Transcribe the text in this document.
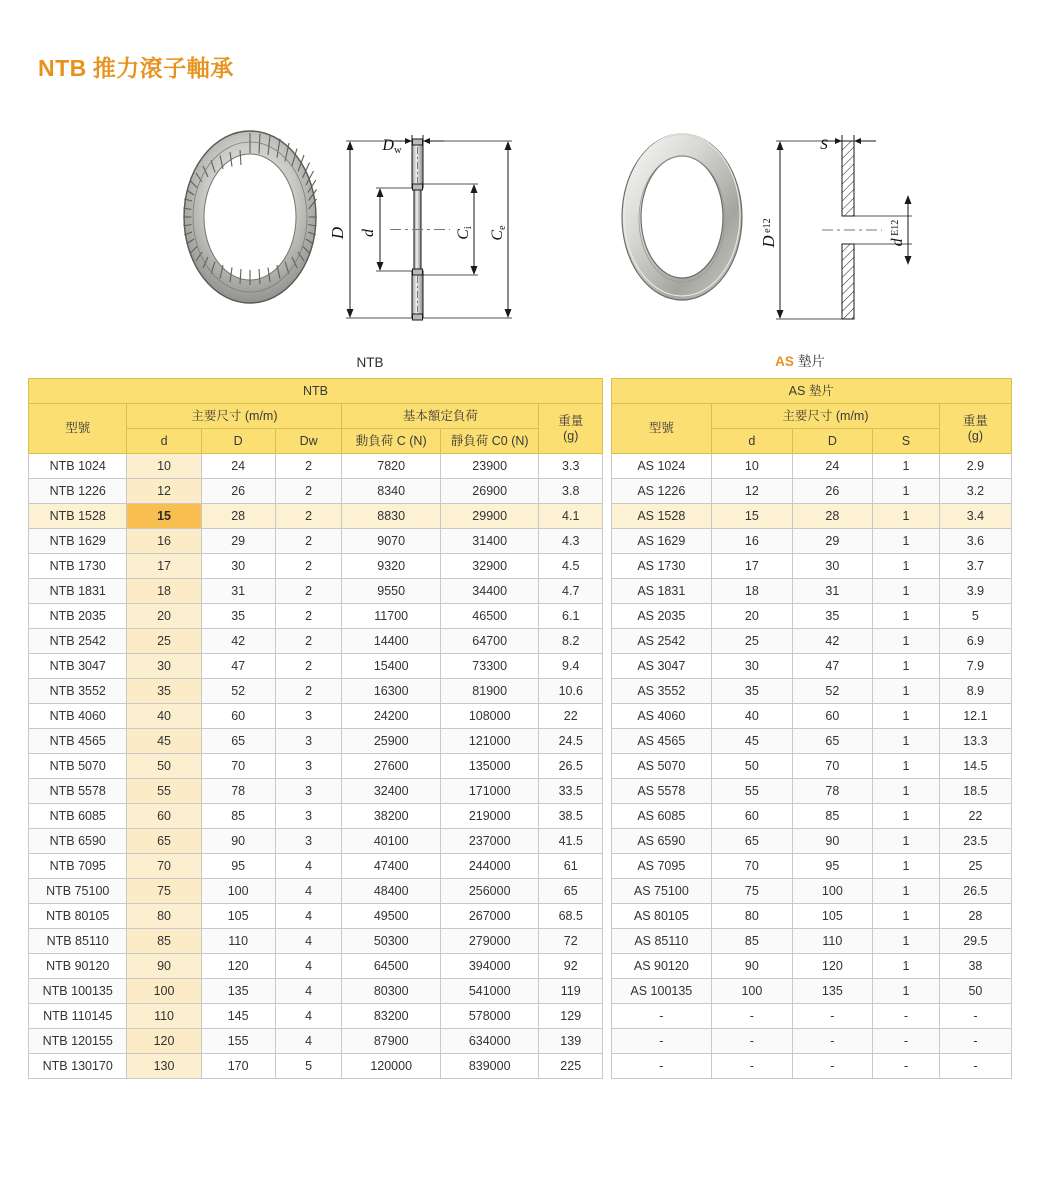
NTB 推力滾子軸承
Dw
D d	Ci
Ce
NTB
S
D $^{e12}$
d $^{E12}$
AS 墊片
NTB								AS 墊片				
型號	主要尺寸 (m/m)	基本額定負荷	重量
(g)
		型號	主要尺寸 (m/m)	重量
(g)

	d	D	Dw	動負荷 C (N)	靜負荷 C0 (N)				d	D	S	
NTB 1024	10	24	2	7820	23900	3.3		AS 1024	10	24	1	2.9
NTB 1226	12	26	2	8340	26900	3.8		AS 1226	12	26	1	3.2
NTB 1528	15	28	2	8830	29900	4.1		AS 1528	15	28	1	3.4
NTB 1629	16	29	2	9070	31400	4.3		AS 1629	16	29	1	3.6
NTB 1730	17	30	2	9320	32900	4.5		AS 1730	17	30	1	3.7
NTB 1831	18	31	2	9550	34400	4.7		AS 1831	18	31	1	3.9
NTB 2035	20	35	2	11700	46500	6.1		AS 2035	20	35	1	5
NTB 2542	25	42	2	14400	64700	8.2		AS 2542	25	42	1	6.9
NTB 3047	30	47	2	15400	73300	9.4		AS 3047	30	47	1	7.9
NTB 3552	35	52	2	16300	81900	10.6		AS 3552	35	52	1	8.9
NTB 4060	40	60	3	24200	108000	22		AS 4060	40	60	1	12.1
NTB 4565	45	65	3	25900	121000	24.5		AS 4565	45	65	1	13.3
NTB 5070	50	70	3	27600	135000	26.5		AS 5070	50	70	1	14.5
NTB 5578	55	78	3	32400	171000	33.5		AS 5578	55	78	1	18.5
NTB 6085	60	85	3	38200	219000	38.5		AS 6085	60	85	1	22
NTB 6590	65	90	3	40100	237000	41.5		AS 6590	65	90	1	23.5
NTB 7095	70	95	4	47400	244000	61		AS 7095	70	95	1	25
NTB 75100	75	100	4	48400	256000	65		AS 75100	75	100	1	26.5
NTB 80105	80	105	4	49500	267000	68.5		AS 80105	80	105	1	28
NTB 85110	85	110	4	50300	279000	72		AS 85110	85	110	1	29.5
NTB 90120	90	120	4	64500	394000	92		AS 90120	90	120	1	38
NTB 100135	100	135	4	80300	541000	119		AS 100135	100	135	1	50
NTB 110145	110	145	4	83200	578000	129		-	-	-	-	-
NTB 120155	120	155	4	87900	634000	139		-	-	-	-	-
NTB 130170	130	170	5	120000	839000	225		-	-	-	-	-
